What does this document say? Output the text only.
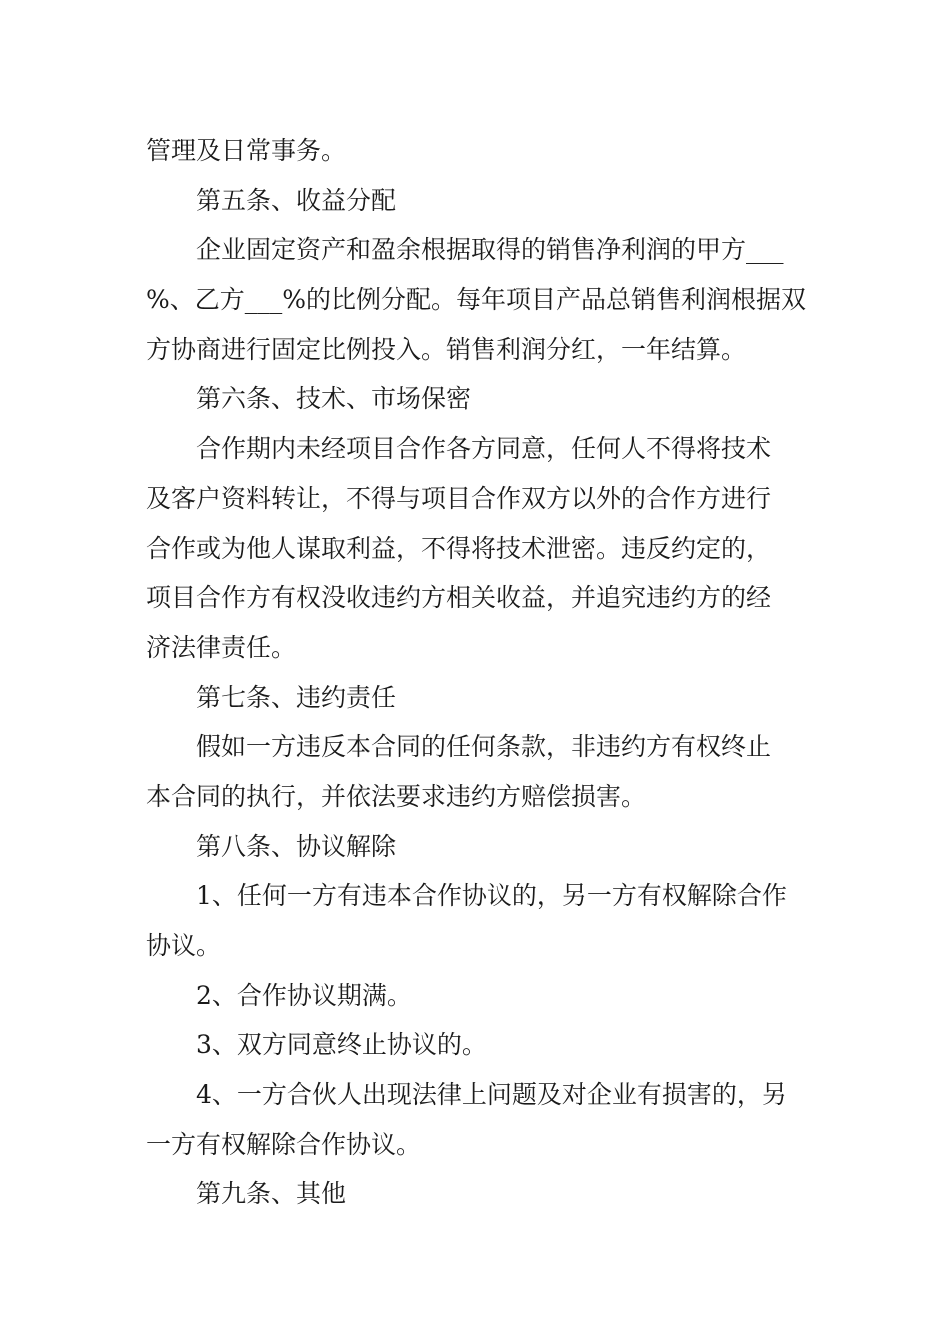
管理及日常事务。
第五条、收益分配
企业固定资产和盈余根据取得的销售净利润的甲方___
%、乙方___%的比例分配。每年项目产品总销售利润根据双
方协商进行固定比例投入。销售利润分红，一年结算。
第六条、技术、市场保密
合作期内未经项目合作各方同意，任何人不得将技术
及客户资料转让，不得与项目合作双方以外的合作方进行
合作或为他人谋取利益，不得将技术泄密。违反约定的，
项目合作方有权没收违约方相关收益，并追究违约方的经
济法律责任。
第七条、违约责任
假如一方违反本合同的任何条款，非违约方有权终止
本合同的执行，并依法要求违约方赔偿损害。
第八条、协议解除
1、任何一方有违本合作协议的，另一方有权解除合作
协议。
2、合作协议期满。
3、双方同意终止协议的。
4、一方合伙人出现法律上问题及对企业有损害的，另
一方有权解除合作协议。
第九条、其他
